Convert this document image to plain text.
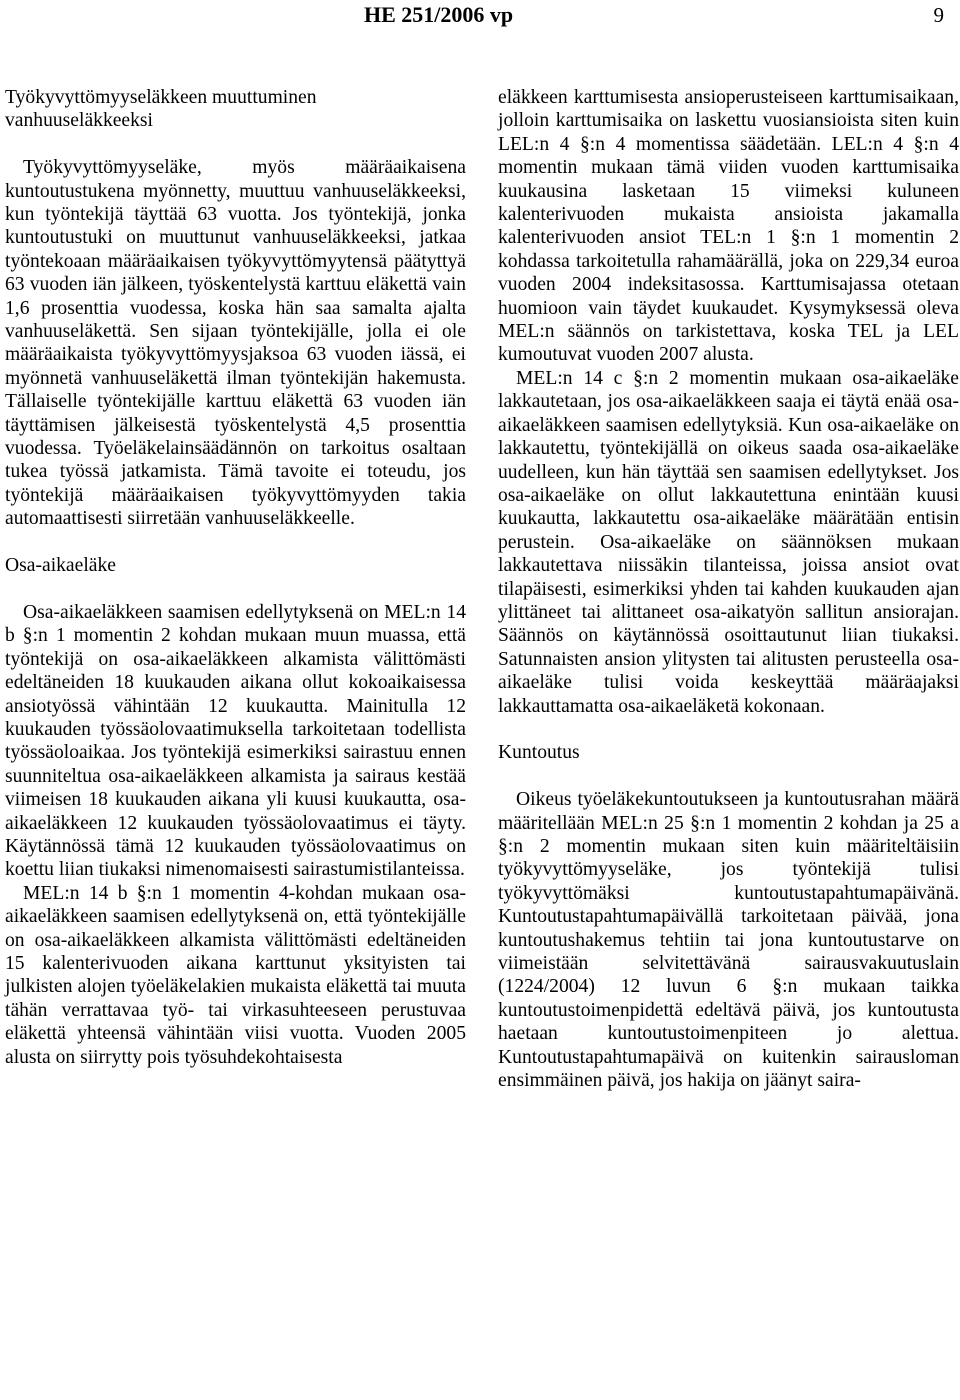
HE 251/2006 vp	9

Työkyvyttömyyseläkkeen muuttuminen vanhuuseläkkeeksi

Työkyvyttömyyseläke, myös määräaikaisena kuntoutustukena myönnetty, muuttuu vanhuuseläkkeeksi, kun työntekijä täyttää 63 vuotta. Jos työntekijä, jonka kuntoutustuki on muuttunut vanhuuseläkkeeksi, jatkaa työntekoaan määräaikaisen työkyvyttömyytensä päätyttyä 63 vuoden iän jälkeen, työskentelystä karttuu eläkettä vain 1,6 prosenttia vuodessa, koska hän saa samalta ajalta vanhuuseläkettä. Sen sijaan työntekijälle, jolla ei ole määräaikaista työkyvyttömyysjaksoa 63 vuoden iässä, ei myönnetä vanhuuseläkettä ilman työntekijän hakemusta. Tällaiselle työntekijälle karttuu eläkettä 63 vuoden iän täyttämisen jälkeisestä työskentelystä 4,5 prosenttia vuodessa. Työeläkelainsäädännön on tarkoitus osaltaan tukea työssä jatkamista. Tämä tavoite ei toteudu, jos työntekijä määräaikaisen työkyvyttömyyden takia automaattisesti siirretään vanhuuseläkkeelle.

Osa-aikaeläke

Osa-aikaeläkkeen saamisen edellytyksenä on MEL:n 14 b §:n 1 momentin 2 kohdan mukaan muun muassa, että työntekijä on osa-aikaeläkkeen alkamista välittömästi edeltäneiden 18 kuukauden aikana ollut kokoaikaisessa ansiotyössä vähintään 12 kuukautta. Mainitulla 12 kuukauden työssäolovaatimuksella tarkoitetaan todellista työssäoloaikaa. Jos työntekijä esimerkiksi sairastuu ennen suunniteltua osa-aikaeläkkeen alkamista ja sairaus kestää viimeisen 18 kuukauden aikana yli kuusi kuukautta, osa-aikaeläkkeen 12 kuukauden työssäolovaatimus ei täyty. Käytännössä tämä 12 kuukauden työssäolovaatimus on koettu liian tiukaksi nimenomaisesti sairastumistilanteissa.

MEL:n 14 b §:n 1 momentin 4-kohdan mukaan osa-aikaeläkkeen saamisen edellytyksenä on, että työntekijälle on osa-aikaeläkkeen alkamista välittömästi edeltäneiden 15 kalenterivuoden aikana karttunut yksityisten tai julkisten alojen työeläkelakien mukaista eläkettä tai muuta tähän verrattavaa työ- tai virkasuhteeseen perustuvaa eläkettä yhteensä vähintään viisi vuotta. Vuoden 2005 alusta on siirrytty pois työsuhdekohtaisesta

eläkkeen karttumisesta ansioperusteiseen karttumisaikaan, jolloin karttumisaika on laskettu vuosiansioista siten kuin LEL:n 4 §:n 4 momentissa säädetään. LEL:n 4 §:n 4 momentin mukaan tämä viiden vuoden karttumisaika kuukausina lasketaan 15 viimeksi kuluneen kalenterivuoden mukaista ansioista jakamalla kalenterivuoden ansiot TEL:n 1 §:n 1 momentin 2 kohdassa tarkoitetulla rahamäärällä, joka on 229,34 euroa vuoden 2004 indeksitasossa. Karttumisajassa otetaan huomioon vain täydet kuukaudet. Kysymyksessä oleva MEL:n säännös on tarkistettava, koska TEL ja LEL kumoutuvat vuoden 2007 alusta.

MEL:n 14 c §:n 2 momentin mukaan osa-aikaeläke lakkautetaan, jos osa-aikaeläkkeen saaja ei täytä enää osa-aikaeläkkeen saamisen edellytyksiä. Kun osa-aikaeläke on lakkautettu, työntekijällä on oikeus saada osa-aikaeläke uudelleen, kun hän täyttää sen saamisen edellytykset. Jos osa-aikaeläke on ollut lakkautettuna enintään kuusi kuukautta, lakkautettu osa-aikaeläke määrätään entisin perustein. Osa-aikaeläke on säännöksen mukaan lakkautettava niissäkin tilanteissa, joissa ansiot ovat tilapäisesti, esimerkiksi yhden tai kahden kuukauden ajan ylittäneet tai alittaneet osa-aikatyön sallitun ansiorajan. Säännös on käytännössä osoittautunut liian tiukaksi. Satunnaisten ansion ylitysten tai alitusten perusteella osa-aikaeläke tulisi voida keskeyttää määräajaksi lakkauttamatta osa-aikaeläketä kokonaan.

Kuntoutus

Oikeus työeläkekuntoutukseen ja kuntoutusrahan määrä määritellään MEL:n 25 §:n 1 momentin 2 kohdan ja 25 a §:n 2 momentin mukaan siten kuin määriteltäisiin työkyvyttömyyseläke, jos työntekijä tulisi työkyvyttömäksi kuntoutustapahtumapäivänä. Kuntoutustapahtumapäivällä tarkoitetaan päivää, jona kuntoutushakemus tehtiin tai jona kuntoutustarve on viimeistään selvitettävänä sairausvakuutuslain (1224/2004) 12 luvun 6 §:n mukaan taikka kuntoutustoimenpidettä edeltävä päivä, jos kuntoutusta haetaan kuntoutustoimenpiteen jo alettua. Kuntoutustapahtumapäivä on kuitenkin sairausloman ensimmäinen päivä, jos hakija on jäänyt saira-
